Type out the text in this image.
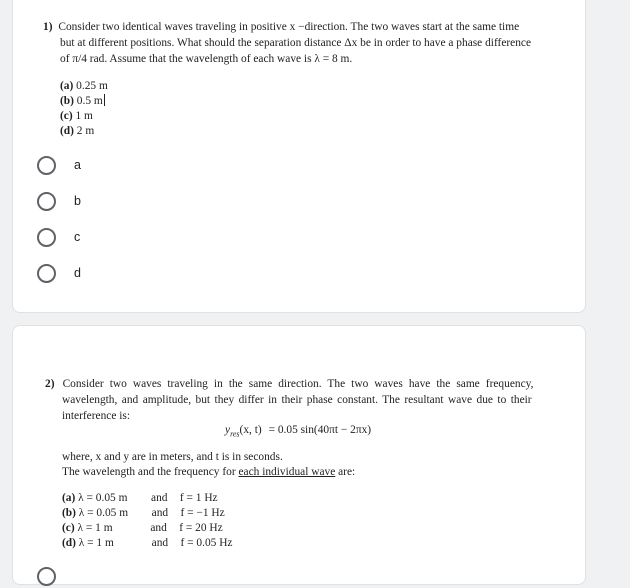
1) Consider two identical waves traveling in positive x −direction. The two waves start at the same time
but at different positions. What should the separation distance Δx be in order to have a phase difference
of π/4 rad. Assume that the wavelength of each wave is λ = 8 m.
(a) 0.25 m
(b) 0.5 m
(c) 1 m
(d) 2 m
a
b
c
d
2) Consider two waves traveling in the same direction. The two waves have the same frequency,
wavelength, and amplitude, but they differ in their phase constant. The resultant wave due to their
interference is:
$y_{res}(x$, t) = 0.05 sin(40πt − 2πx)
where, x and y are in meters, and t is in seconds.
The wavelength and the frequency for each individual wave are:
(a) λ = 0.05 m and f = 1 Hz
(b) λ = 0.05 m and f = −1 Hz
(c) λ = 1 m	and f = 20 Hz
(d) λ = 1 m	and f = 0.05 Hz
